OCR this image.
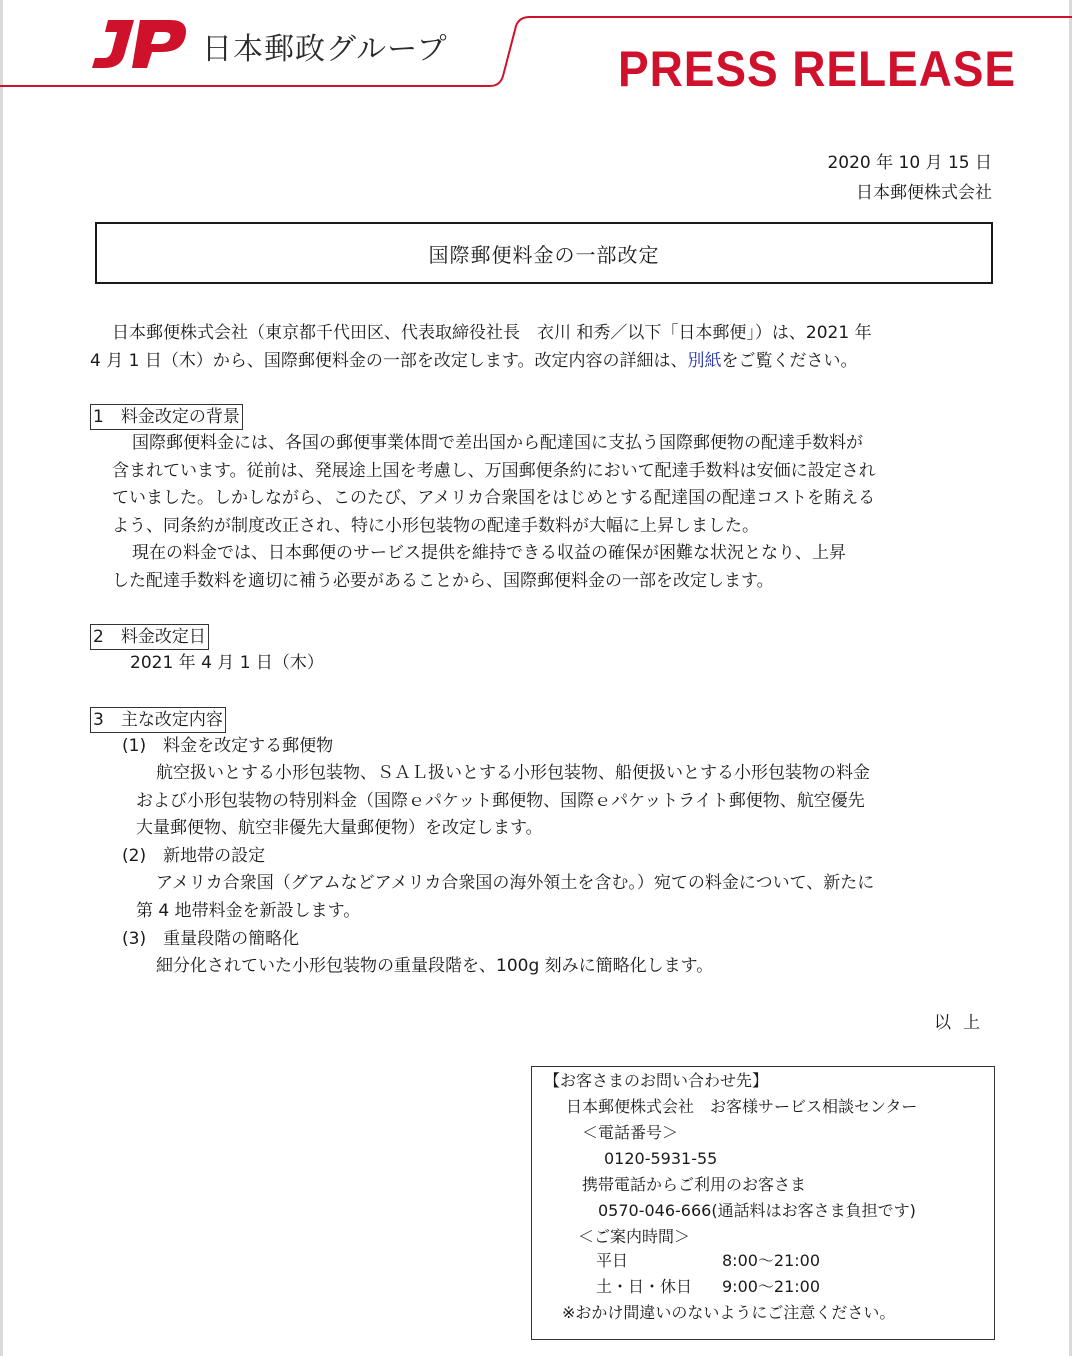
日本郵政グループ	PRESS RELEASE
2020 年 10 月 15 日
日本郵便株式会社
国際郵便料金の一部改定
日本郵便株式会社（東京都千代田区、代表取締役社長　衣川 和秀／以下「日本郵便」）は、2021 年
4 月 1 日（木）から、国際郵便料金の一部を改定します。改定内容の詳細は、別紙をご覧ください。
1　料金改定の背景
国際郵便料金には、各国の郵便事業体間で差出国から配達国に支払う国際郵便物の配達手数料が
含まれています。従前は、発展途上国を考慮し、万国郵便条約において配達手数料は安価に設定され
ていました。しかしながら、このたび、アメリカ合衆国をはじめとする配達国の配達コストを賄える
よう、同条約が制度改正され、特に小形包装物の配達手数料が大幅に上昇しました。
現在の料金では、日本郵便のサービス提供を維持できる収益の確保が困難な状況となり、上昇
した配達手数料を適切に補う必要があることから、国際郵便料金の一部を改定します。
2　料金改定日
2021 年 4 月 1 日（木）
3　主な改定内容
(1)　料金を改定する郵便物
航空扱いとする小形包装物、ＳＡＬ扱いとする小形包装物、船便扱いとする小形包装物の料金
および小形包装物の特別料金（国際ｅパケット郵便物、国際ｅパケットライト郵便物、航空優先
大量郵便物、航空非優先大量郵便物）を改定します。
(2)　新地帯の設定
アメリカ合衆国（グアムなどアメリカ合衆国の海外領土を含む。）宛ての料金について、新たに
第 4 地帯料金を新設します。
(3)　重量段階の簡略化
細分化されていた小形包装物の重量段階を、100g 刻みに簡略化します。
以上
【お客さまのお問い合わせ先】
日本郵便株式会社　お客様サービス相談センター
＜電話番号＞
0120-5931-55
携帯電話からご利用のお客さま
0570-046-666(通話料はお客さま負担です)
＜ご案内時間＞
平日	8:00～21:00
土・日・休日 9:00～21:00
※おかけ間違いのないようにご注意ください。
